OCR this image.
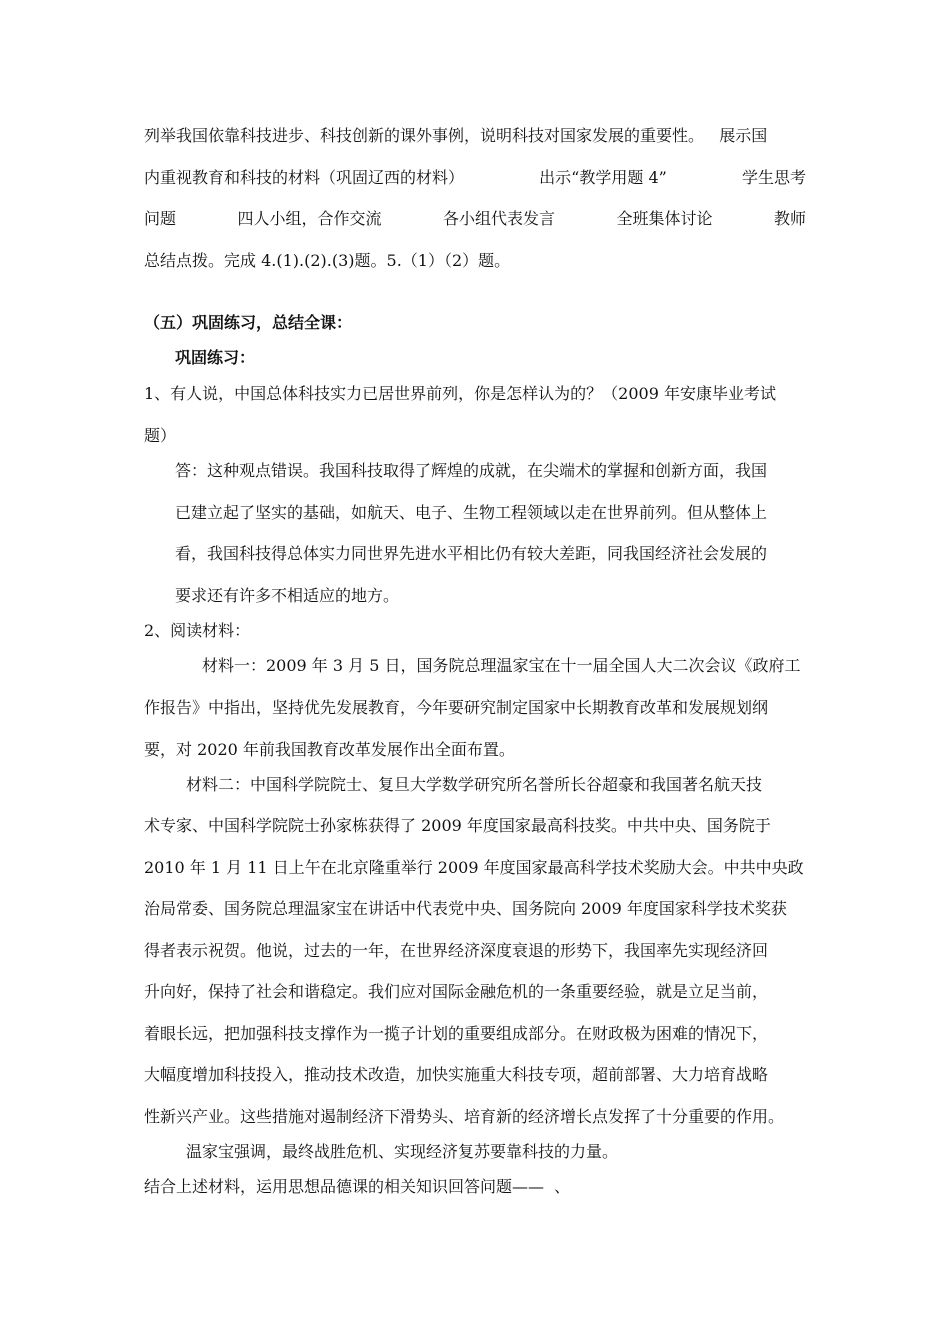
列举我国依靠科技进步、科技创新的课外事例，说明科技对国家发展的重要性。   展示国
内重视教育和科技的材料（巩固辽西的材料）	出示“教学用题 4”	学生思考
问题	四人小组，合作交流	各小组代表发言	全班集体讨论	教师
总结点拨。完成 4.(1).(2).(3)题。5.（1）（2）题。
（五）巩固练习，总结全课：
巩固练习：
1、有人说，中国总体科技实力已居世界前列，你是怎样认为的？（2009 年安康毕业考试
题）
答：这种观点错误。我国科技取得了辉煌的成就，在尖端术的掌握和创新方面，我国
已建立起了坚实的基础，如航天、电子、生物工程领域以走在世界前列。但从整体上
看，我国科技得总体实力同世界先进水平相比仍有较大差距，同我国经济社会发展的
要求还有许多不相适应的地方。
2、阅读材料：
材料一：2009 年 3 月 5 日，国务院总理温家宝在十一届全国人大二次会议《政府工
作报告》中指出，坚持优先发展教育，今年要研究制定国家中长期教育改革和发展规划纲
要，对 2020 年前我国教育改革发展作出全面布置。
材料二：中国科学院院士、复旦大学数学研究所名誉所长谷超豪和我国著名航天技
术专家、中国科学院院士孙家栋获得了 2009 年度国家最高科技奖。中共中央、国务院于
2010 年 1 月 11 日上午在北京隆重举行 2009 年度国家最高科学技术奖励大会。中共中央政
治局常委、国务院总理温家宝在讲话中代表党中央、国务院向 2009 年度国家科学技术奖获
得者表示祝贺。他说，过去的一年，在世界经济深度衰退的形势下，我国率先实现经济回
升向好，保持了社会和谐稳定。我们应对国际金融危机的一条重要经验，就是立足当前，
着眼长远，把加强科技支撑作为一揽子计划的重要组成部分。在财政极为困难的情况下，
大幅度增加科技投入，推动技术改造，加快实施重大科技专项，超前部署、大力培育战略
性新兴产业。这些措施对遏制经济下滑势头、培育新的经济增长点发挥了十分重要的作用。
温家宝强调，最终战胜危机、实现经济复苏要靠科技的力量。
结合上述材料，运用思想品德课的相关知识回答问题——  、
